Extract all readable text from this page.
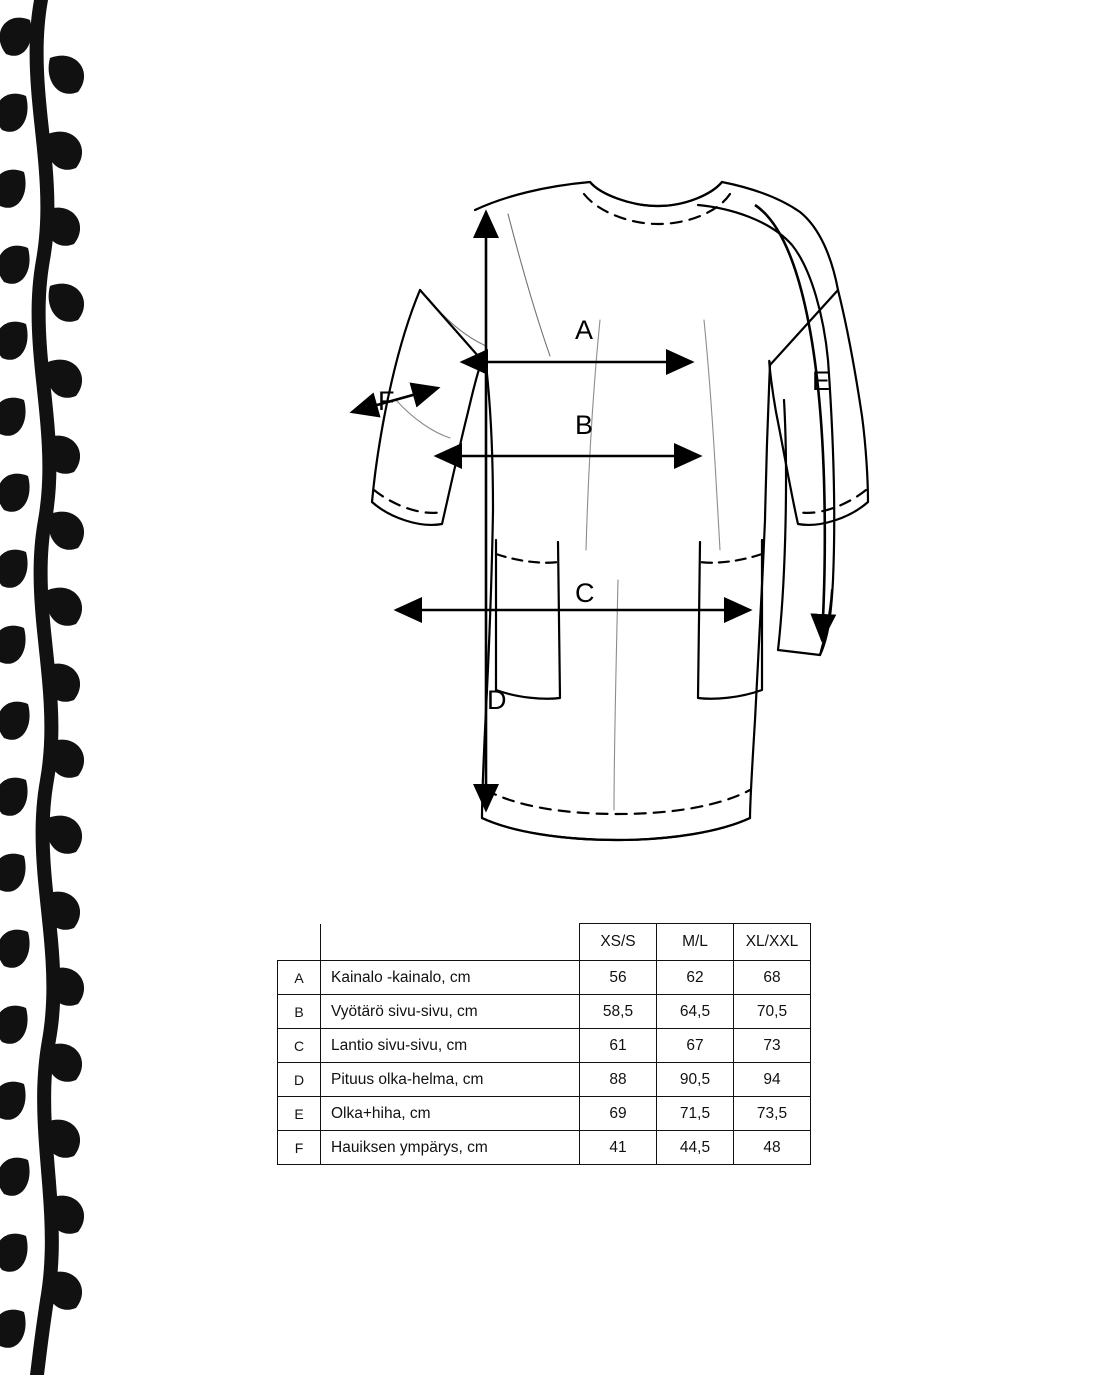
A
B
C
D
E
F
		XS/S	M/L	XL/XXL
A	Kainalo -kainalo, cm	56	62	68
B	Vyötärö sivu-sivu, cm	58,5	64,5	70,5
C	Lantio sivu-sivu, cm	61	67	73
D	Pituus olka-helma, cm	88	90,5	94
E	Olka+hiha, cm	69	71,5	73,5
F	Hauiksen ympärys, cm	41	44,5	48
